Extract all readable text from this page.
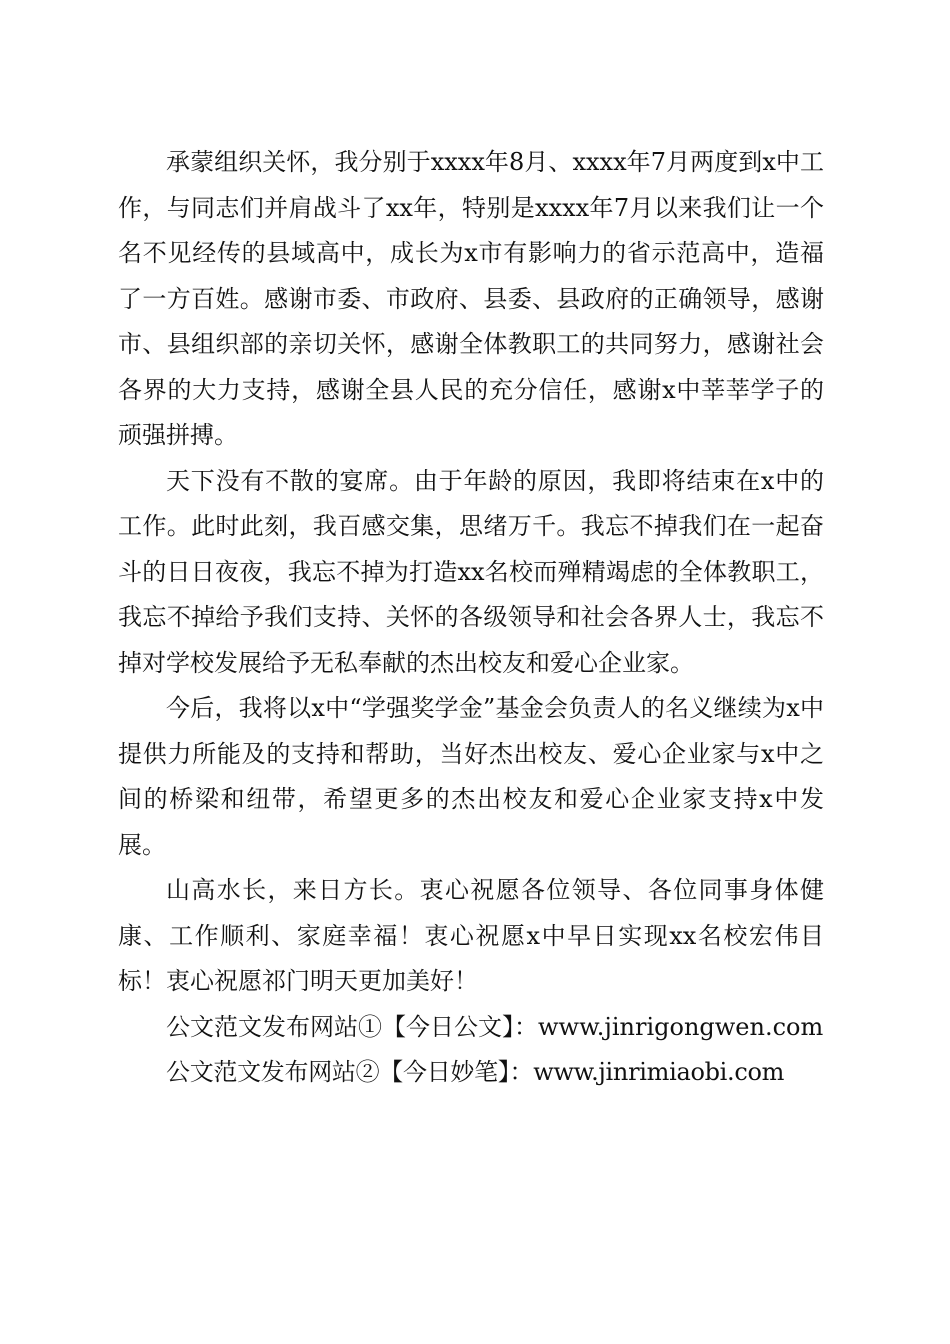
承蒙组织关怀，我分别于xxxx年8月、xxxx年7月两度到x中工作，与同志们并肩战斗了xx年，特别是xxxx年7月以来我们让一个名不见经传的县域高中，成长为x市有影响力的省示范高中，造福了一方百姓。感谢市委、市政府、县委、县政府的正确领导，感谢市、县组织部的亲切关怀，感谢全体教职工的共同努力，感谢社会各界的大力支持，感谢全县人民的充分信任，感谢x中莘莘学子的顽强拼搏。

天下没有不散的宴席。由于年龄的原因，我即将结束在x中的工作。此时此刻，我百感交集，思绪万千。我忘不掉我们在一起奋斗的日日夜夜，我忘不掉为打造xx名校而殚精竭虑的全体教职工，我忘不掉给予我们支持、关怀的各级领导和社会各界人士，我忘不掉对学校发展给予无私奉献的杰出校友和爱心企业家。

今后，我将以x中“学强奖学金”基金会负责人的名义继续为x中提供力所能及的支持和帮助，当好杰出校友、爱心企业家与x中之间的桥梁和纽带，希望更多的杰出校友和爱心企业家支持x中发展。

山高水长，来日方长。衷心祝愿各位领导、各位同事身体健康、工作顺利、家庭幸福！衷心祝愿x中早日实现xx名校宏伟目标！衷心祝愿祁门明天更加美好！

公文范文发布网站①【今日公文】：www.jinrigongwen.com

公文范文发布网站②【今日妙笔】：www.jinrimiaobi.com
